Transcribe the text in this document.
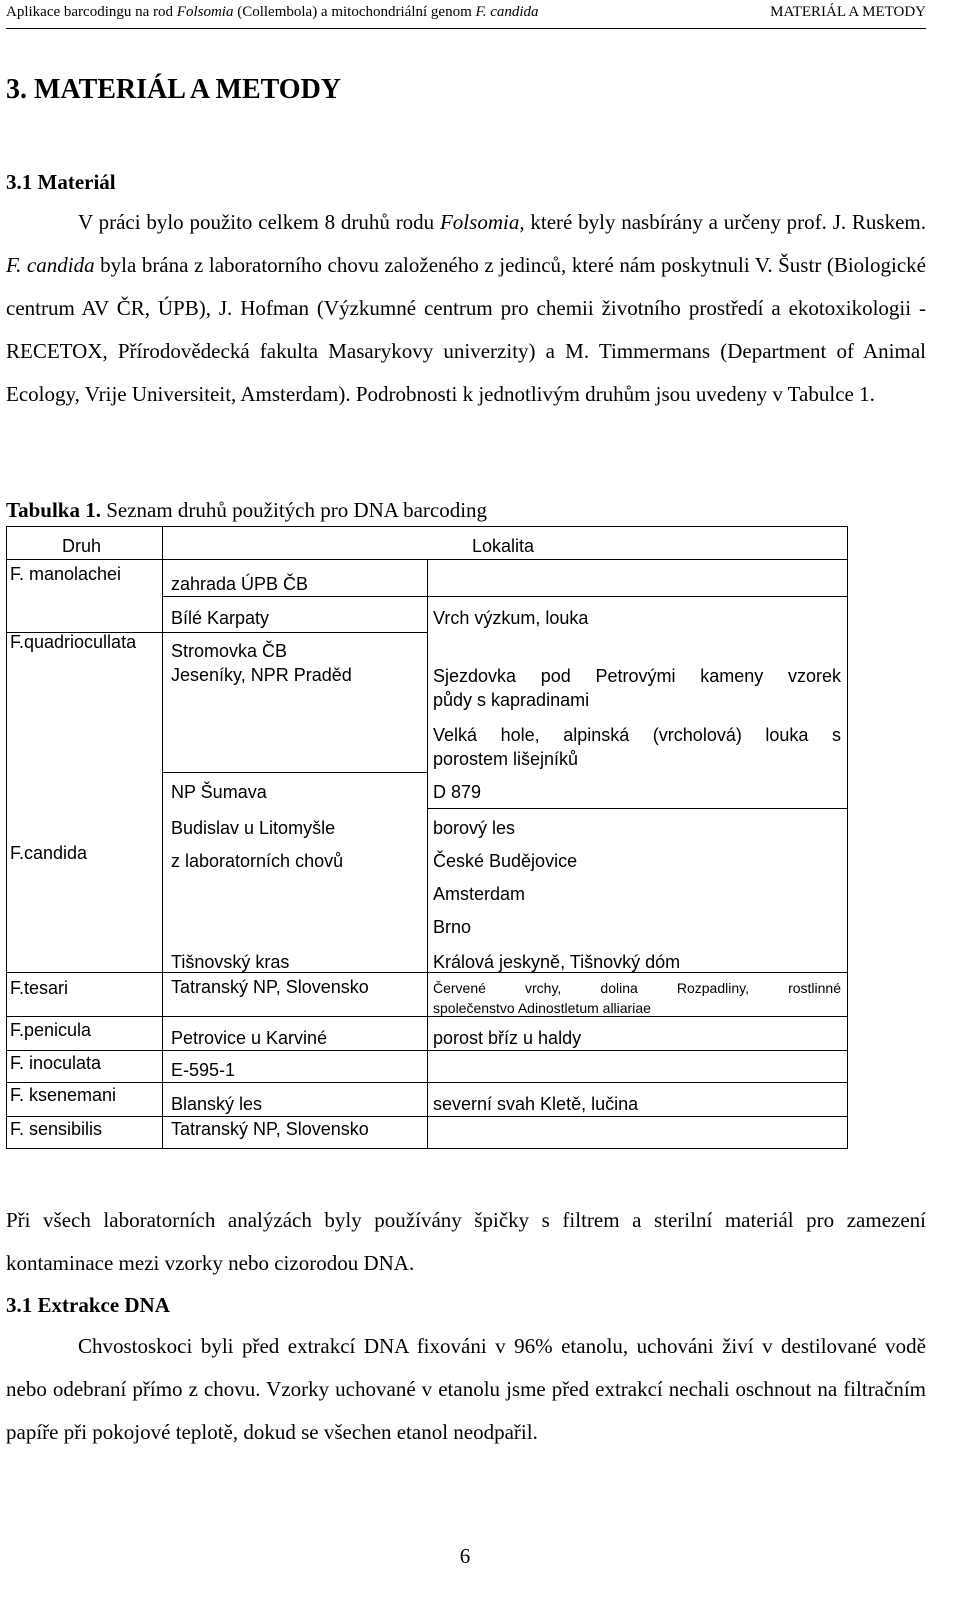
Aplikace barcodingu na rod Folsomia (Collembola) a mitochondriální genom F. candida	MATERIÁL A METODY
3. MATERIÁL A METODY
3.1 Materiál

V práci bylo použito celkem 8 druhů rodu Folsomia, které byly nasbírány a určeny prof. J. Ruskem. F. candida byla brána z laboratorního chovu založeného z jedinců, které nám poskytnuli V. Šustr (Biologické centrum AV ČR, ÚPB), J. Hofman (Výzkumné centrum pro chemii životního prostředí a ekotoxikologii - RECETOX, Přírodovědecká fakulta Masarykovy univerzity) a M. Timmermans (Department of Animal Ecology, Vrije Universiteit, Amsterdam). Podrobnosti k jednotlivým druhům jsou uvedeny v Tabulce 1.

Tabulka 1. Seznam druhů použitých pro DNA barcoding
Druh	Lokalita
F. manolachei
F.quadriocullata
F.candida
F.tesari
F.penicula
F. inoculata
F. ksenemani
F. sensibilis
zahrada ÚPB ČB
Bílé Karpaty
Stromovka ČB
Jeseníky, NPR Praděd
NP Šumava
Budislav u Litomyšle
z laboratorních chovů
Tišnovský kras
Tatranský NP, Slovensko
Petrovice u Karviné
E-595-1
Blanský les
Tatranský NP, Slovensko
Vrch výzkum, louka
Sjezdovka pod Petrovými kameny vzorek
půdy s kapradinami
Velká hole, alpinská (vrcholová) louka s
porostem lišejníků
D 879
borový les
České Budějovice
Amsterdam
Brno
Králová jeskyně, Tišnovký dóm
Červené vrchy, dolina Rozpadliny, rostlinné
společenstvo Adinostletum alliariae
porost bříz u haldy
severní svah Kletě, lučina

Při všech laboratorních analýzách byly používány špičky s filtrem a sterilní materiál pro zamezení kontaminace mezi vzorky nebo cizorodou DNA.

3.1 Extrakce DNA

Chvostoskoci byli před extrakcí DNA fixováni v 96% etanolu, uchováni živí v destilované vodě nebo odebraní přímo z chovu. Vzorky uchované v etanolu jsme před extrakcí nechali oschnout na filtračním papíře při pokojové teplotě, dokud se všechen etanol neodpařil.

6
